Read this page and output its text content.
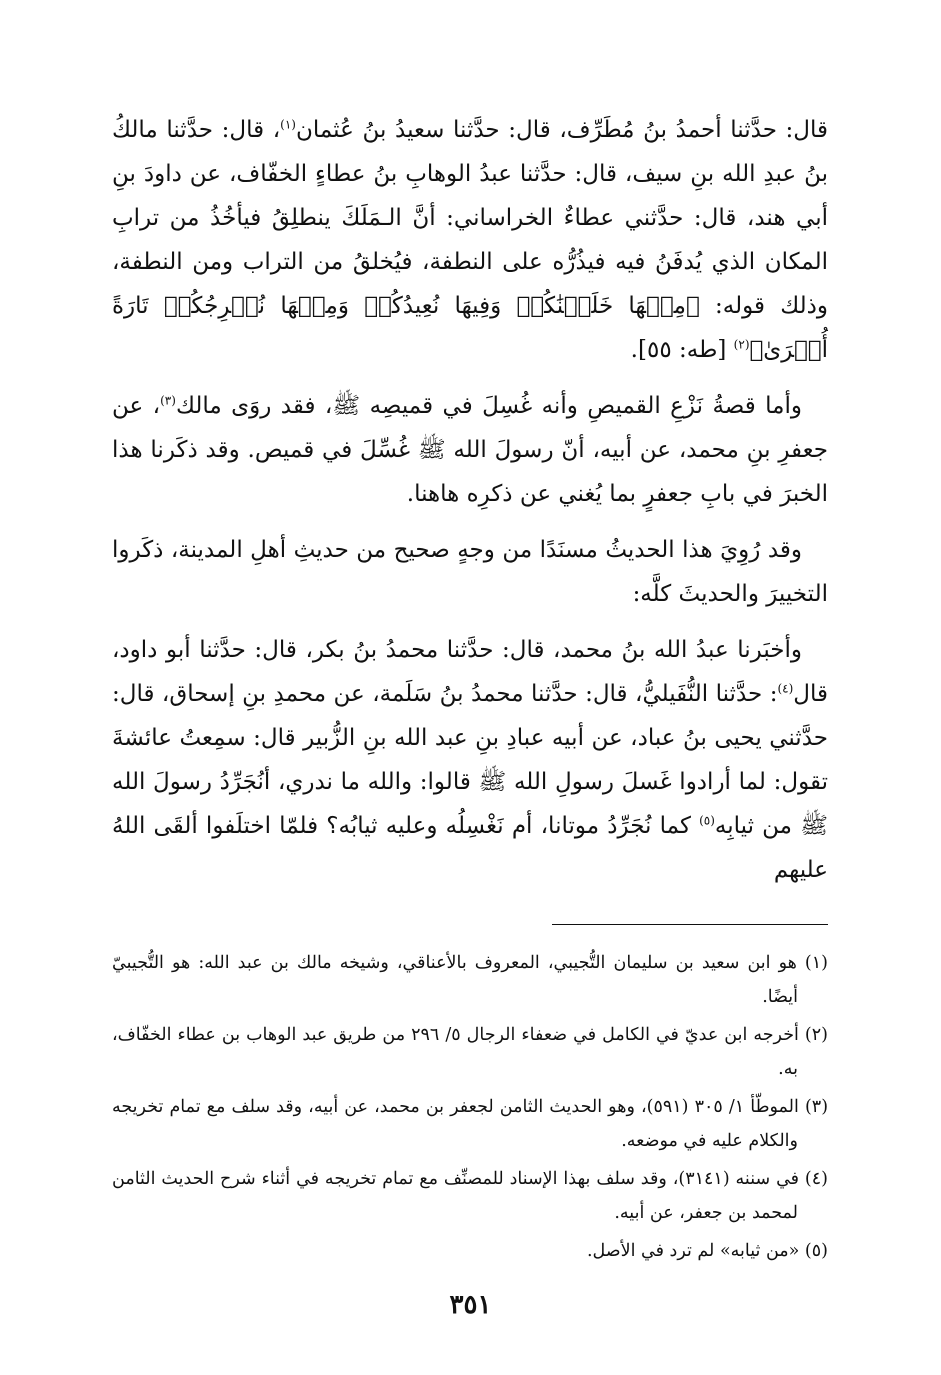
قال: حدَّثنا أحمدُ بنُ مُطَرِّف، قال: حدَّثنا سعيدُ بنُ عُثمان$^{(١)}$، قال: حدَّثنا مالكُ بنُ عبدِ الله بنِ سيف، قال: حدَّثنا عبدُ الوهابِ بنُ عطاءٍ الخفّاف، عن داودَ بنِ أبي هند، قال: حدَّثني عطاءٌ الخراساني: أنَّ الـمَلَكَ ينطلِقُ فيأخُذُ من ترابِ المكان الذي يُدفَنُ فيه فيذُرُّه على النطفة، فيُخلقُ من التراب ومن النطفة، وذلك قوله: ﴿مِنۡهَا خَلَقۡنَٰكُمۡ وَفِيهَا نُعِيدُكُمۡ وَمِنۡهَا نُخۡرِجُكُمۡ تَارَةً أُخۡرَىٰ﴾$^{(٢)}$ [طه: ٥٥].

وأما قصةُ نَزْعِ القميصِ وأنه غُسِلَ في قميصِه ﷺ، فقد روَى مالك$^{(٣)}$، عن جعفرِ بنِ محمد، عن أبيه، أنّ رسولَ الله ﷺ غُسِّلَ في قميص. وقد ذكَرنا هذا الخبرَ في بابِ جعفرٍ بما يُغني عن ذكرِه هاهنا.

وقد رُوِيَ هذا الحديثُ مسنَدًا من وجهٍ صحيح من حديثِ أهلِ المدينة، ذكَروا التخييرَ والحديثَ كلَّه:

وأخبَرنا عبدُ الله بنُ محمد، قال: حدَّثنا محمدُ بنُ بكر، قال: حدَّثنا أبو داود، قال$^{(٤)}$: حدَّثنا النُّفَيليُّ، قال: حدَّثنا محمدُ بنُ سَلَمة، عن محمدِ بنِ إسحاق، قال: حدَّثني يحيى بنُ عباد، عن أبيه عبادِ بنِ عبد الله بنِ الزُّبير قال: سمِعتُ عائشةَ تقول: لما أرادوا غَسلَ رسولِ الله ﷺ قالوا: والله ما ندري، أنُجَرِّدُ رسولَ الله ﷺ من ثيابِه$^{(٥)}$ كما نُجَرِّدُ موتانا، أم نَغْسِلُه وعليه ثيابُه؟ فلمّا اختلَفوا ألقَى اللهُ عليهم

(١) هو ابن سعيد بن سليمان التُّجيبي، المعروف بالأعناقي، وشيخه مالك بن عبد الله: هو التُّجيبيّ أيضًا.

(٢) أخرجه ابن عديّ في الكامل في ضعفاء الرجال ٥/ ٢٩٦ من طريق عبد الوهاب بن عطاء الخفّاف، به.

(٣) الموطّأ ١/ ٣٠٥ (٥٩١)، وهو الحديث الثامن لجعفر بن محمد، عن أبيه، وقد سلف مع تمام تخريجه والكلام عليه في موضعه.

(٤) في سننه (٣١٤١)، وقد سلف بهذا الإسناد للمصنِّف مع تمام تخريجه في أثناء شرح الحديث الثامن لمحمد بن جعفر، عن أبيه.

(٥) «من ثيابه» لم ترد في الأصل.

٣٥١
